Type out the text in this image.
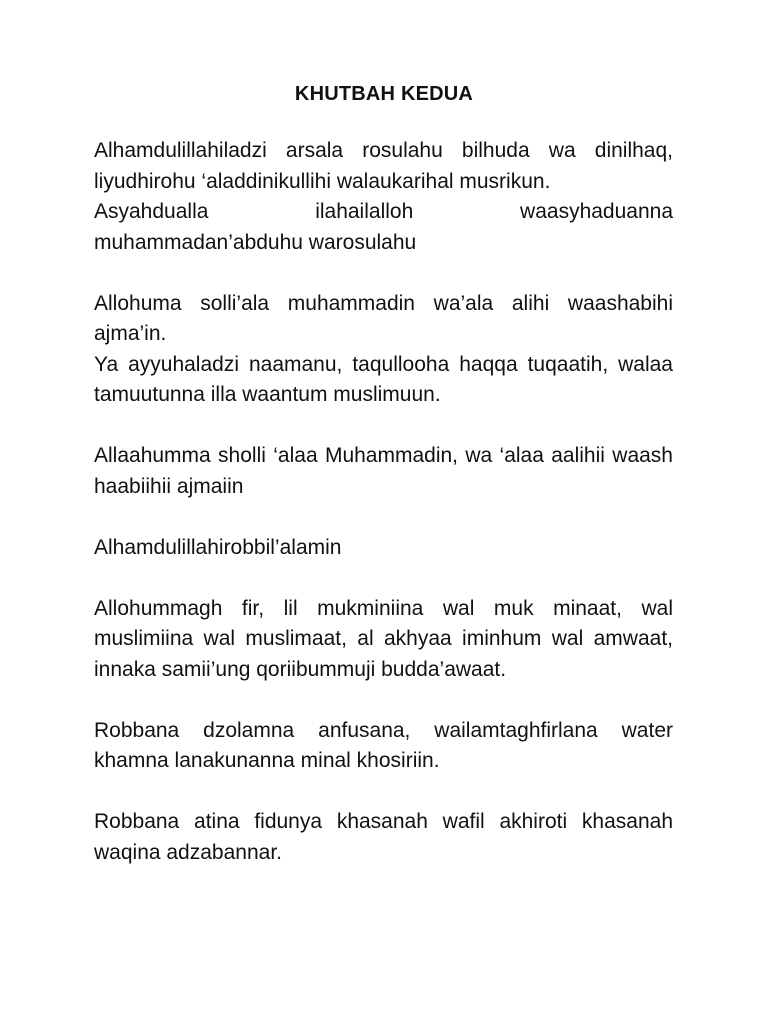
KHUTBAH KEDUA

Alhamdulillahiladzi arsala rosulahu bilhuda wa dinilhaq, liyudhirohu ‘aladdinikullihi walaukarihal musrikun.

Asyahdualla ilahailalloh waasyhaduanna muhammadan’abduhu warosulahu

Allohuma solli’ala muhammadin wa’ala alihi waashabihi ajma’in.

Ya ayyuhaladzi naamanu, taqullooha haqqa tuqaatih, walaa tamuutunna illa waantum muslimuun.

Allaahumma sholli ‘alaa Muhammadin, wa ‘alaa aalihii waash haabiihii ajmaiin

Alhamdulillahirobbil’alamin

Allohummagh fir, lil mukminiina wal muk minaat, wal muslimiina wal muslimaat, al akhyaa iminhum wal amwaat, innaka samii’ung qoriibummuji budda’awaat.

Robbana dzolamna anfusana, wailamtaghfirlana water khamna lanakunanna minal khosiriin.

Robbana atina fidunya khasanah wafil akhiroti khasanah waqina adzabannar.
